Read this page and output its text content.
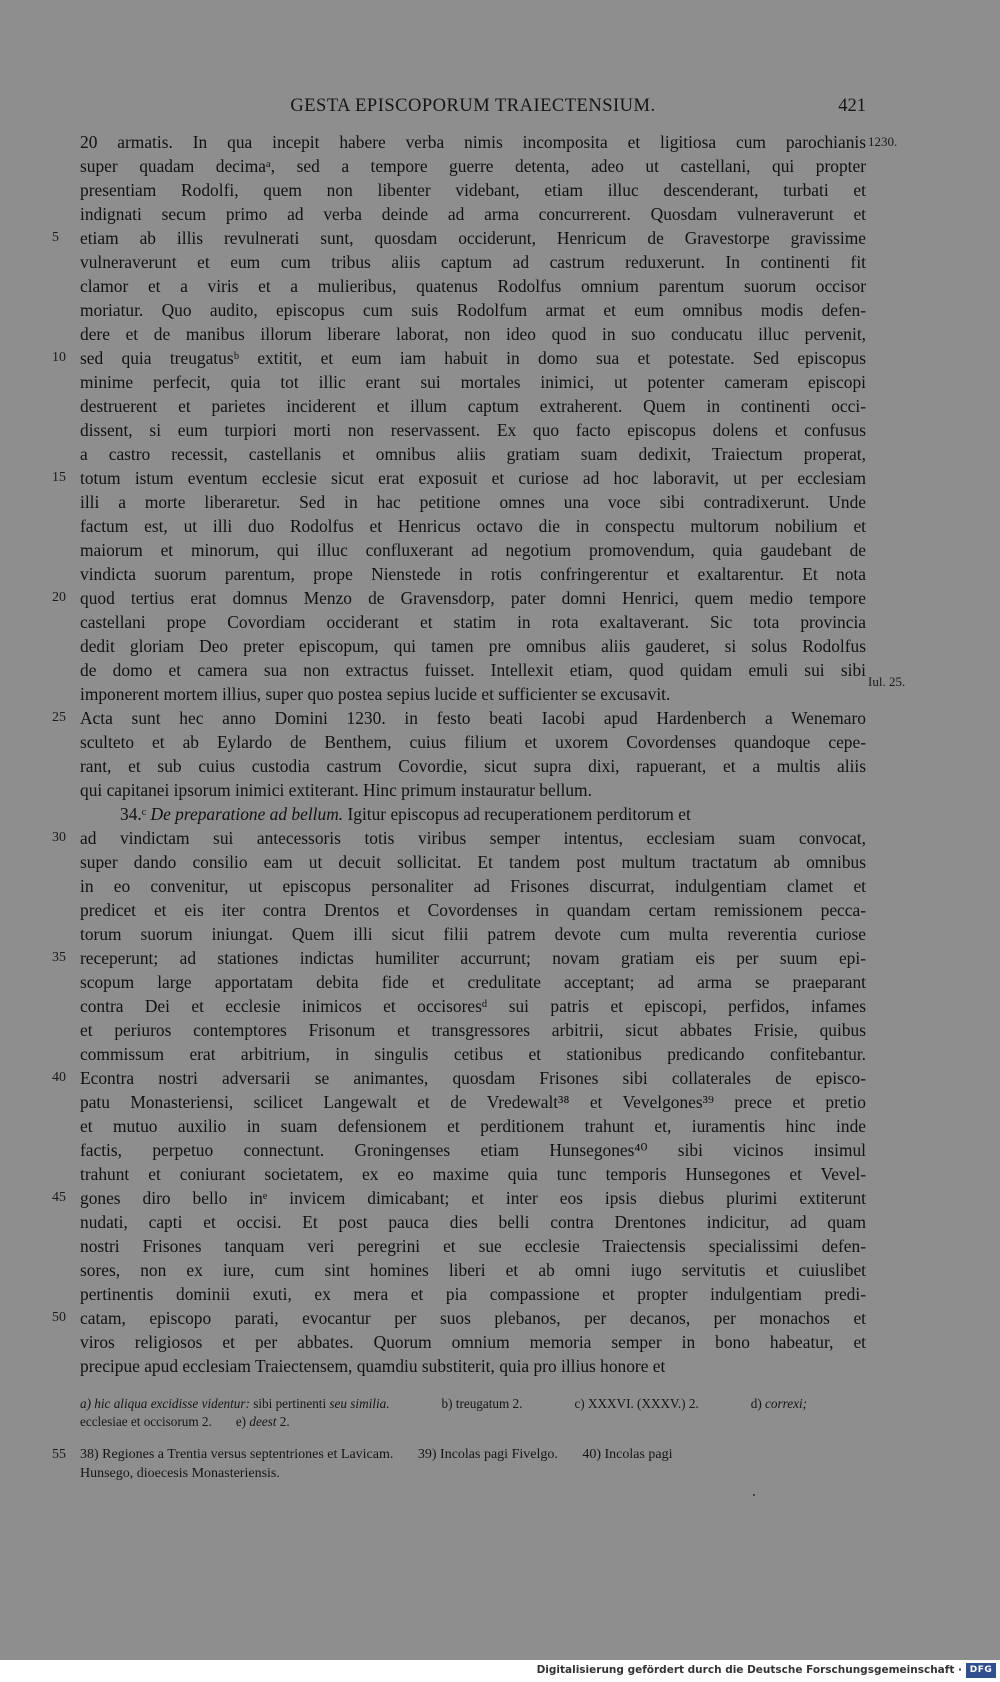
GESTA EPISCOPORUM TRAIECTENSIUM.	421
20 armatis. In qua incepit habere verba nimis incomposita et ligitiosa cum parochianis
super quadam decimaᵃ, sed a tempore guerre detenta, adeo ut castellani, qui propter
presentiam Rodolfi, quem non libenter videbant, etiam illuc descenderant, turbati et
indignati secum primo ad verba deinde ad arma concurrerent. Quosdam vulneraverunt et
etiam ab illis revulnerati sunt, quosdam occiderunt, Henricum de Gravestorpe gravissime
vulneraverunt et eum cum tribus aliis captum ad castrum reduxerunt. In continenti fit
clamor et a viris et a mulieribus, quatenus Rodolfus omnium parentum suorum occisor
moriatur. Quo audito, episcopus cum suis Rodolfum armat et eum omnibus modis defen-
dere et de manibus illorum liberare laborat, non ideo quod in suo conducatu illuc pervenit,
sed quia treugatusᵇ extitit, et eum iam habuit in domo sua et potestate. Sed episcopus
minime perfecit, quia tot illic erant sui mortales inimici, ut potenter cameram episcopi
destruerent et parietes inciderent et illum captum extraherent. Quem in continenti occi-
dissent, si eum turpiori morti non reservassent. Ex quo facto episcopus dolens et confusus
a castro recessit, castellanis et omnibus aliis gratiam suam dedixit, Traiectum properat,
totum istum eventum ecclesie sicut erat exposuit et curiose ad hoc laboravit, ut per ecclesiam
illi a morte liberaretur. Sed in hac petitione omnes una voce sibi contradixerunt. Unde
factum est, ut illi duo Rodolfus et Henricus octavo die in conspectu multorum nobilium et
maiorum et minorum, qui illuc confluxerant ad negotium promovendum, quia gaudebant de
vindicta suorum parentum, prope Nienstede in rotis confringerentur et exaltarentur. Et nota
quod tertius erat domnus Menzo de Gravensdorp, pater domni Henrici, quem medio tempore
castellani prope Covordiam occiderant et statim in rota exaltaverant. Sic tota provincia
dedit gloriam Deo preter episcopum, qui tamen pre omnibus aliis gauderet, si solus Rodolfus
de domo et camera sua non extractus fuisset. Intellexit etiam, quod quidam emuli sui sibi
imponerent mortem illius, super quo postea sepius lucide et sufficienter se excusavit.
Acta sunt hec anno Domini 1230. in festo beati Iacobi apud Hardenberch a Wenemaro
sculteto et ab Eylardo de Benthem, cuius filium et uxorem Covordenses quandoque cepe-
rant, et sub cuius custodia castrum Covordie, sicut supra dixi, rapuerant, et a multis aliis
qui capitanei ipsorum inimici extiterant. Hinc primum instauratur bellum.
34.ᶜ De preparatione ad bellum. Igitur episcopus ad recuperationem perditorum et
ad vindictam sui antecessoris totis viribus semper intentus, ecclesiam suam convocat,
super dando consilio eam ut decuit sollicitat. Et tandem post multum tractatum ab omnibus
in eo convenitur, ut episcopus personaliter ad Frisones discurrat, indulgentiam clamet et
predicet et eis iter contra Drentos et Covordenses in quandam certam remissionem pecca-
torum suorum iniungat. Quem illi sicut filii patrem devote cum multa reverentia curiose
receperunt; ad stationes indictas humiliter accurrunt; novam gratiam eis per suum epi-
scopum large apportatam debita fide et credulitate acceptant; ad arma se praeparant
contra Dei et ecclesie inimicos et occisoresᵈ sui patris et episcopi, perfidos, infames
et periuros contemptores Frisonum et transgressores arbitrii, sicut abbates Frisie, quibus
commissum erat arbitrium, in singulis cetibus et stationibus predicando confitebantur.
Econtra nostri adversarii se animantes, quosdam Frisones sibi collaterales de episco-
patu Monasteriensi, scilicet Langewalt et de Vredewalt³⁸ et Vevelgones³⁹ prece et pretio
et mutuo auxilio in suam defensionem et perditionem trahunt et, iuramentis hinc inde
factis, perpetuo connectunt. Groningenses etiam Hunsegones⁴⁰ sibi vicinos insimul
trahunt et coniurant societatem, ex eo maxime quia tunc temporis Hunsegones et Vevel-
gones diro bello inᵉ invicem dimicabant; et inter eos ipsis diebus plurimi extiterunt
nudati, capti et occisi. Et post pauca dies belli contra Drentones indicitur, ad quam
nostri Frisones tanquam veri peregrini et sue ecclesie Traiectensis specialissimi defen-
sores, non ex iure, cum sint homines liberi et ab omni iugo servitutis et cuiuslibet
pertinentis dominii exuti, ex mera et pia compassione et propter indulgentiam predi-
catam, episcopo parati, evocantur per suos plebanos, per decanos, per monachos et
viros religiosos et per abbates. Quorum omnium memoria semper in bono habeatur, et
precipue apud ecclesiam Traiectensem, quamdiu substiterit, quia pro illius honore et
5
10
15
20
25
30
35
40
45
50
1230.
Iul. 25.
a) hic aliqua excidisse videntur: sibi pertinenti seu similia.	b) treugatum 2.	c) XXXVI. (XXXV.) 2.	d) correxi;
ecclesiae et occisorum 2. e) deest 2.
55	38) Regiones a Trentia versus septentriones et Lavicam.       39) Incolas pagi Fivelgo.       40) Incolas pagi
Hunsego, dioecesis Monasteriensis.
Digitalisierung gefördert durch die Deutsche Forschungsgemeinschaft · DFG
